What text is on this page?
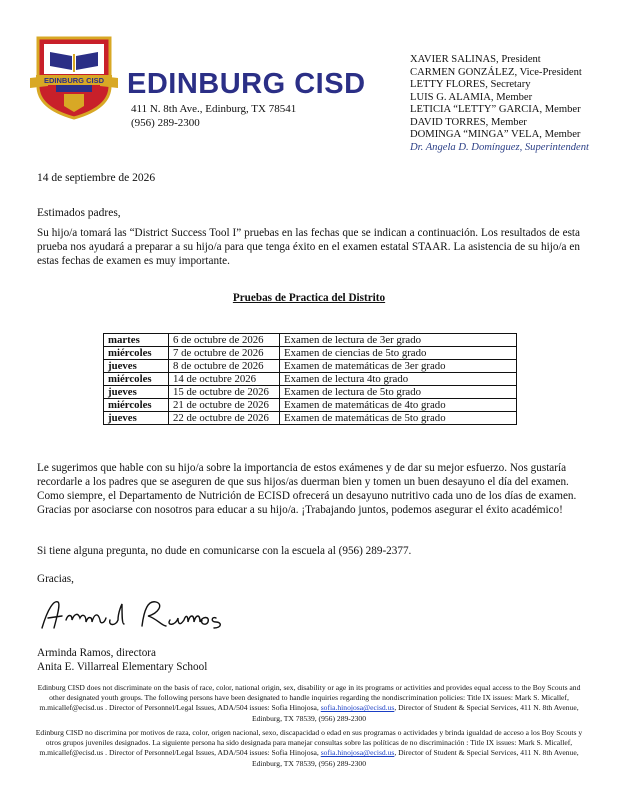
EDINBURG CISD EDINBURG CISD
411 N. 8th Ave., Edinburg, TX 78541
(956) 289-2300
XAVIER SALINAS, President
CARMEN GONZÁLEZ, Vice-President
LETTY FLORES, Secretary
LUIS G. ALAMIA, Member
LETICIA “LETTY” GARCIA, Member
DAVID TORRES, Member
DOMINGA “MINGA” VELA, Member
Dr. Angela D. Domínguez, Superintendent
14 de septiembre de 2026
Estimados padres,
Su hijo/a tomará las “District Success Tool I” pruebas en las fechas que se indican a continuación. Los resultados de esta prueba nos ayudará a preparar a su hijo/a para que tenga éxito en el examen estatal STAAR. La asistencia de su hijo/a en estas fechas de examen es muy importante.
Pruebas de Practica del Distrito
martes	6 de octubre de 2026	Examen de lectura de 3er grado
miércoles	7 de octubre de 2026	Examen de ciencias de 5to grado
jueves	8 de octubre de 2026	Examen de matemáticas de 3er grado
miércoles	14 de octubre 2026	Examen de lectura 4to grado
jueves	15 de octubre de 2026	Examen de lectura de 5to grado
miércoles	21 de octubre de 2026	Examen de matemáticas de 4to grado
jueves	22 de octubre de 2026	Examen de matemáticas de 5to grado
Le sugerimos que hable con su hijo/a sobre la importancia de estos exámenes y de dar su mejor esfuerzo. Nos gustaría recordarle a los padres que se aseguren de que sus hijos/as duerman bien y tomen un buen desayuno el día del examen. Como siempre, el Departamento de Nutrición de ECISD ofrecerá un desayuno nutritivo cada uno de los días de examen. Gracias por asociarse con nosotros para educar a su hijo/a. ¡Trabajando juntos, podemos asegurar el éxito académico!
Si tiene alguna pregunta, no dude en comunicarse con la escuela al (956) 289-2377.
Gracias,
Arminda Ramos, directora
Anita E. Villarreal Elementary School
Edinburg CISD does not discriminate on the basis of race, color, national origin, sex, disability or age in its programs or activities and provides equal access to the Boy Scouts and other designated youth groups. The following persons have been designated to handle inquiries regarding the nondiscrimination policies: Title IX issues: Mark S. Micallef, m.micallef@ecisd.us . Director of Personnel/Legal Issues, ADA/504 issues: Sofia Hinojosa, sofia.hinojosa@ecisd.us, Director of Student & Special Services, 411 N. 8th Avenue, Edinburg, TX 78539, (956) 289-2300
Edinburg CISD no discrimina por motivos de raza, color, origen nacional, sexo, discapacidad o edad en sus programas o actividades y brinda igualdad de acceso a los Boy Scouts y otros grupos juveniles designados. La siguiente persona ha sido designada para manejar consultas sobre las políticas de no discriminación : Title IX issues: Mark S. Micallef, m.micallef@ecisd.us . Director of Personnel/Legal Issues, ADA/504 issues: Sofia Hinojosa, sofia.hinojosa@ecisd.us, Director of Student & Special Services, 411 N. 8th Avenue, Edinburg, TX 78539, (956) 289-2300
